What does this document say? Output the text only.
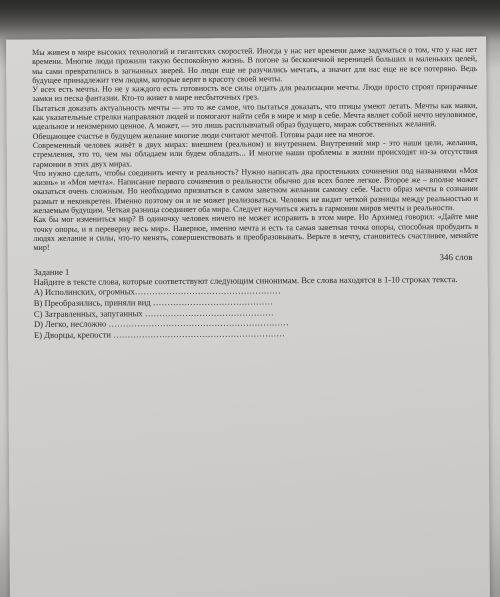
Мы живем в мире высоких технологий и гигантских скоростей. Иногда у нас нет времени даже задуматься о том, что у нас нет времени. Многие люди прожили такую беспокойную жизнь. В погоне за бесконечной вереницей больших и маленьких целей, мы сами превратились в загнанных зверей. Но люди еще не разучились мечтать, а значит для нас еще не все потеряно. Ведь будущее принадлежит тем людям, которые верят в красоту своей мечты.

У всех есть мечты. Но не у каждого есть готовность все силы отдать для реализации мечты. Люди просто строят призрачные замки из песка фантазии. Кто-то живет в мире несбыточных грез.

Пытаться доказать актуальность мечты — это то же самое, что пытаться доказать, что птицы умеют летать. Мечты как маяки, как указательные стрелки направляют людей и помогают найти себя в мире и мир в себе. Мечта являет собой нечто неуловимое, идеальное и неизмеримо ценное. А может, — это лишь расплывчатый образ будущего, мираж собственных желаний.

Обещающее счастье в будущем желание многие люди считают мечтой. Готовы ради нее на многое.

Современный человек живёт в двух мирах: внешнем (реальном) и внутреннем. Внутренний мир - это наши цели, желания, стремления, это то, чем мы обладаем или будем обладать... И многие наши проблемы в жизни происходят из-за отсутствия гармонии в этих двух мирах.

Что нужно сделать, чтобы соединить мечту и реальность? Нужно написать два простеньких сочинения под названиями «Моя жизнь» и «Моя мечта». Написание первого сочинения о реальности обычно для всех более легкое. Второе же – вполне может оказаться очень сложным. Но необходимо признаться в самом заветном желании самому себе. Часто образ мечты в сознании размыт и неконкретен. Именно поэтому он и не может реализоваться. Человек не видит четкой разницы между реальностью и желаемым будущим. Четкая разница соединяет оба мира. Следует научиться жить в гармонии миров мечты и реальности.

Как бы мог измениться мир? В одиночку человек ничего не может исправить в этом мире. Но Архимед говорил: «Дайте мне точку опоры, и я переверну весь мир». Наверное, именно мечта и есть та самая заветная точка опоры, способная пробудить в людях желание и силы, что-то менять, совершенствовать и преобразовывать. Верьте в мечту, становитесь счастливее, меняйте мир!

346 слов

Задание 1

Найдите в тексте слова, которые соответствуют следующим синонимам. Все слова находятся в 1-10 строках текста.

A) Исполинских, огромных……………………………………………
B) Преобразились, приняли вид ……………………………………
C) Затравленных, запуганных ………………………………………
D) Легко, несложно ………………………………………………………
E) Дворцы, крепости ……………………………………………………
